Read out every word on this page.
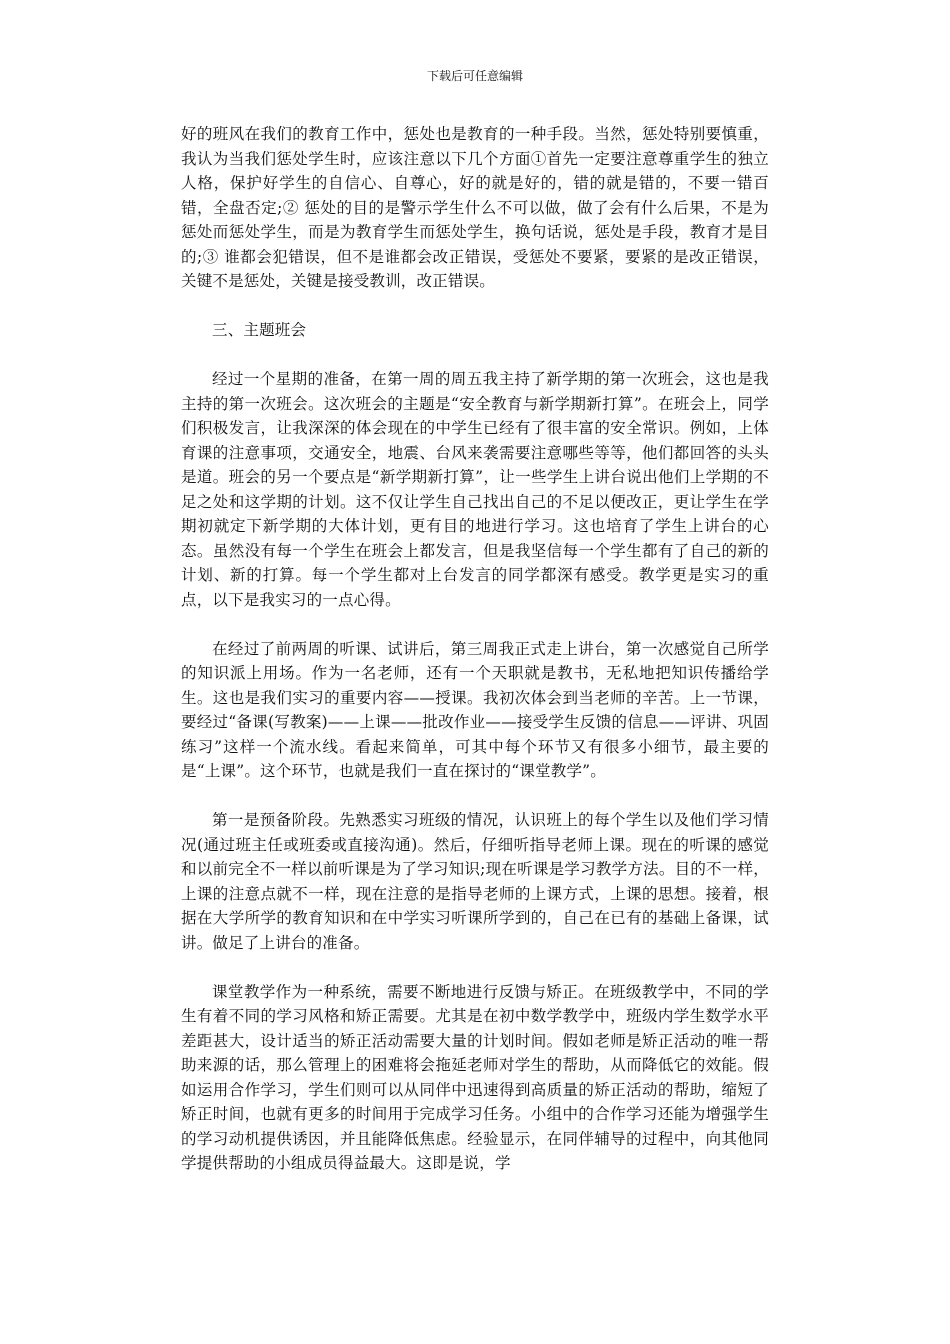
下载后可任意编辑

好的班风在我们的教育工作中，惩处也是教育的一种手段。当然，惩处特别要慎重，我认为当我们惩处学生时，应该注意以下几个方面①首先一定要注意尊重学生的独立人格，保护好学生的自信心、自尊心，好的就是好的，错的就是错的，不要一错百错，全盘否定;② 惩处的目的是警示学生什么不可以做，做了会有什么后果，不是为惩处而惩处学生，而是为教育学生而惩处学生，换句话说，惩处是手段，教育才是目的;③ 谁都会犯错误，但不是谁都会改正错误，受惩处不要紧，要紧的是改正错误，关键不是惩处，关键是接受教训，改正错误。

三、主题班会

经过一个星期的准备，在第一周的周五我主持了新学期的第一次班会，这也是我主持的第一次班会。这次班会的主题是“安全教育与新学期新打算”。在班会上，同学们积极发言，让我深深的体会现在的中学生已经有了很丰富的安全常识。例如，上体育课的注意事项，交通安全，地震、台风来袭需要注意哪些等等，他们都回答的头头是道。班会的另一个要点是“新学期新打算”，让一些学生上讲台说出他们上学期的不足之处和这学期的计划。这不仅让学生自己找出自己的不足以便改正，更让学生在学期初就定下新学期的大体计划，更有目的地进行学习。这也培育了学生上讲台的心态。虽然没有每一个学生在班会上都发言，但是我坚信每一个学生都有了自己的新的计划、新的打算。每一个学生都对上台发言的同学都深有感受。教学更是实习的重点，以下是我实习的一点心得。

在经过了前两周的听课、试讲后，第三周我正式走上讲台，第一次感觉自己所学的知识派上用场。作为一名老师，还有一个天职就是教书，无私地把知识传播给学生。这也是我们实习的重要内容——授课。我初次体会到当老师的辛苦。上一节课，要经过“备课(写教案)——上课——批改作业——接受学生反馈的信息——评讲、巩固练习”这样一个流水线。看起来简单，可其中每个环节又有很多小细节，最主要的是“上课”。这个环节，也就是我们一直在探讨的“课堂教学”。

第一是预备阶段。先熟悉实习班级的情况，认识班上的每个学生以及他们学习情况(通过班主任或班委或直接沟通)。然后，仔细听指导老师上课。现在的听课的感觉和以前完全不一样以前听课是为了学习知识;现在听课是学习教学方法。目的不一样，上课的注意点就不一样，现在注意的是指导老师的上课方式，上课的思想。接着，根据在大学所学的教育知识和在中学实习听课所学到的，自己在已有的基础上备课，试讲。做足了上讲台的准备。

课堂教学作为一种系统，需要不断地进行反馈与矫正。在班级教学中，不同的学生有着不同的学习风格和矫正需要。尤其是在初中数学教学中，班级内学生数学水平差距甚大，设计适当的矫正活动需要大量的计划时间。假如老师是矫正活动的唯一帮助来源的话，那么管理上的困难将会拖延老师对学生的帮助，从而降低它的效能。假如运用合作学习，学生们则可以从同伴中迅速得到高质量的矫正活动的帮助，缩短了矫正时间，也就有更多的时间用于完成学习任务。小组中的合作学习还能为增强学生的学习动机提供诱因，并且能降低焦虑。经验显示，在同伴辅导的过程中，向其他同学提供帮助的小组成员得益最大。这即是说，学
